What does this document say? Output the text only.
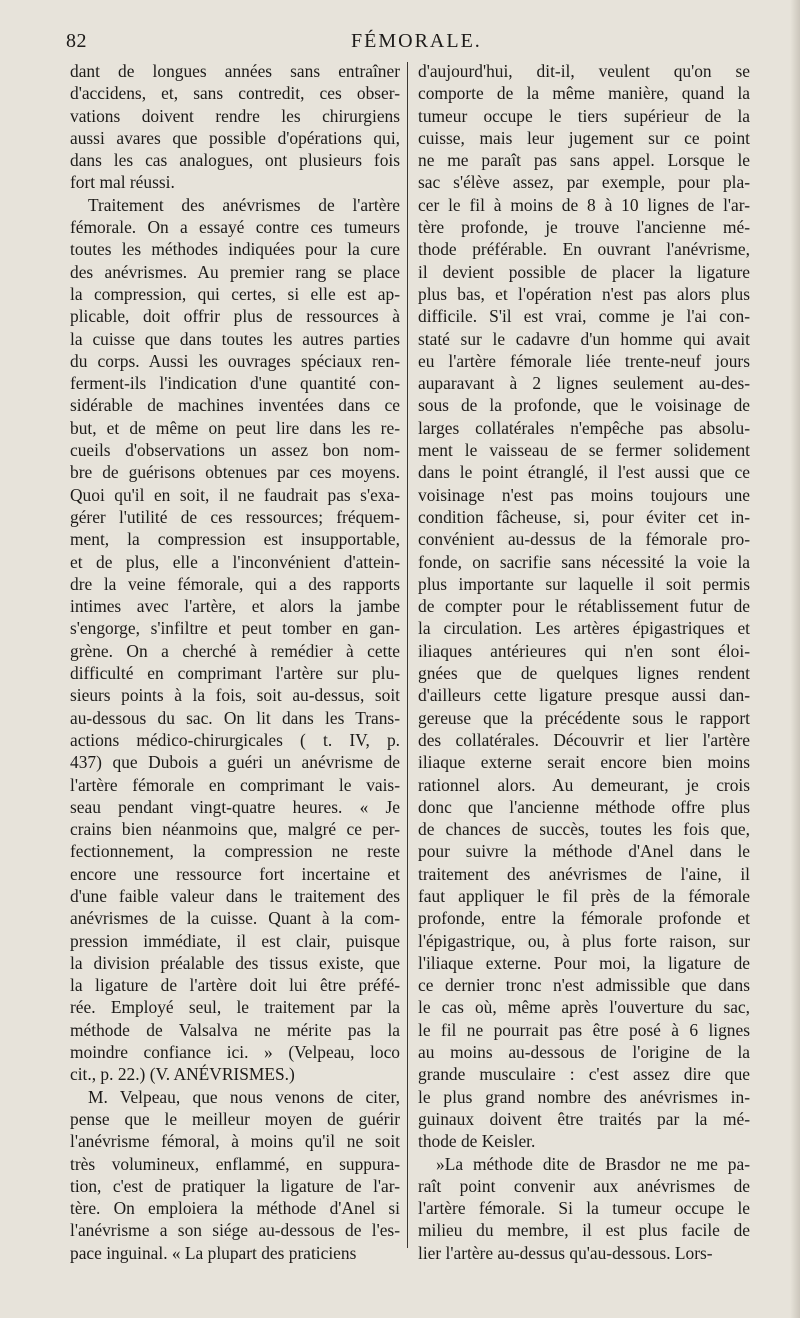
82	FÉMORALE.
dant de longues années sans entraîner
d'accidens, et, sans contredit, ces obser-
vations doivent rendre les chirurgiens
aussi avares que possible d'opérations qui,
dans les cas analogues, ont plusieurs fois
fort mal réussi.
Traitement des anévrismes de l'artère
fémorale. On a essayé contre ces tumeurs
toutes les méthodes indiquées pour la cure
des anévrismes. Au premier rang se place
la compression, qui certes, si elle est ap-
plicable, doit offrir plus de ressources à
la cuisse que dans toutes les autres parties
du corps. Aussi les ouvrages spéciaux ren-
ferment-ils l'indication d'une quantité con-
sidérable de machines inventées dans ce
but, et de même on peut lire dans les re-
cueils d'observations un assez bon nom-
bre de guérisons obtenues par ces moyens.
Quoi qu'il en soit, il ne faudrait pas s'exa-
gérer l'utilité de ces ressources; fréquem-
ment, la compression est insupportable,
et de plus, elle a l'inconvénient d'attein-
dre la veine fémorale, qui a des rapports
intimes avec l'artère, et alors la jambe
s'engorge, s'infiltre et peut tomber en gan-
grène. On a cherché à remédier à cette
difficulté en comprimant l'artère sur plu-
sieurs points à la fois, soit au-dessus, soit
au-dessous du sac. On lit dans les Trans-
actions médico-chirurgicales ( t. IV, p.
437) que Dubois a guéri un anévrisme de
l'artère fémorale en comprimant le vais-
seau pendant vingt-quatre heures. « Je
crains bien néanmoins que, malgré ce per-
fectionnement, la compression ne reste
encore une ressource fort incertaine et
d'une faible valeur dans le traitement des
anévrismes de la cuisse. Quant à la com-
pression immédiate, il est clair, puisque
la division préalable des tissus existe, que
la ligature de l'artère doit lui être préfé-
rée. Employé seul, le traitement par la
méthode de Valsalva ne mérite pas la
moindre confiance ici. » (Velpeau, loco
cit., p. 22.) (V. ANÉVRISMES.)
M. Velpeau, que nous venons de citer,
pense que le meilleur moyen de guérir
l'anévrisme fémoral, à moins qu'il ne soit
très volumineux, enflammé, en suppura-
tion, c'est de pratiquer la ligature de l'ar-
tère. On emploiera la méthode d'Anel si
l'anévrisme a son siége au-dessous de l'es-
pace inguinal. « La plupart des praticiens
d'aujourd'hui, dit-il, veulent qu'on se
comporte de la même manière, quand la
tumeur occupe le tiers supérieur de la
cuisse, mais leur jugement sur ce point
ne me paraît pas sans appel. Lorsque le
sac s'élève assez, par exemple, pour pla-
cer le fil à moins de 8 à 10 lignes de l'ar-
tère profonde, je trouve l'ancienne mé-
thode préférable. En ouvrant l'anévrisme,
il devient possible de placer la ligature
plus bas, et l'opération n'est pas alors plus
difficile. S'il est vrai, comme je l'ai con-
staté sur le cadavre d'un homme qui avait
eu l'artère fémorale liée trente-neuf jours
auparavant à 2 lignes seulement au-des-
sous de la profonde, que le voisinage de
larges collatérales n'empêche pas absolu-
ment le vaisseau de se fermer solidement
dans le point étranglé, il l'est aussi que ce
voisinage n'est pas moins toujours une
condition fâcheuse, si, pour éviter cet in-
convénient au-dessus de la fémorale pro-
fonde, on sacrifie sans nécessité la voie la
plus importante sur laquelle il soit permis
de compter pour le rétablissement futur de
la circulation. Les artères épigastriques et
iliaques antérieures qui n'en sont éloi-
gnées que de quelques lignes rendent
d'ailleurs cette ligature presque aussi dan-
gereuse que la précédente sous le rapport
des collatérales. Découvrir et lier l'artère
iliaque externe serait encore bien moins
rationnel alors. Au demeurant, je crois
donc que l'ancienne méthode offre plus
de chances de succès, toutes les fois que,
pour suivre la méthode d'Anel dans le
traitement des anévrismes de l'aine, il
faut appliquer le fil près de la fémorale
profonde, entre la fémorale profonde et
l'épigastrique, ou, à plus forte raison, sur
l'iliaque externe. Pour moi, la ligature de
ce dernier tronc n'est admissible que dans
le cas où, même après l'ouverture du sac,
le fil ne pourrait pas être posé à 6 lignes
au moins au-dessous de l'origine de la
grande musculaire : c'est assez dire que
le plus grand nombre des anévrismes in-
guinaux doivent être traités par la mé-
thode de Keisler.
»La méthode dite de Brasdor ne me pa-
raît point convenir aux anévrismes de
l'artère fémorale. Si la tumeur occupe le
milieu du membre, il est plus facile de
lier l'artère au-dessus qu'au-dessous. Lors-
